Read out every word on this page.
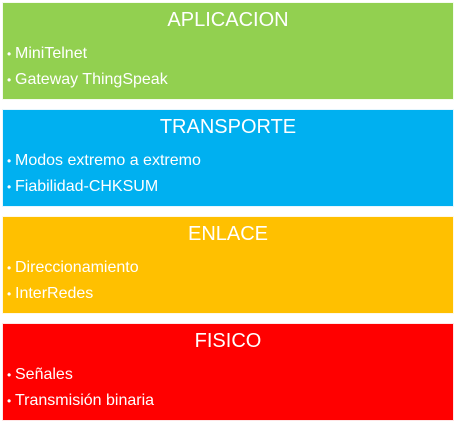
APLICACION
• MiniTelnet
• Gateway ThingSpeak
TRANSPORTE
• Modos extremo a extremo
• Fiabilidad-CHKSUM
ENLACE
• Direccionamiento
• InterRedes
FISICO
• Señales
• Transmisión binaria
